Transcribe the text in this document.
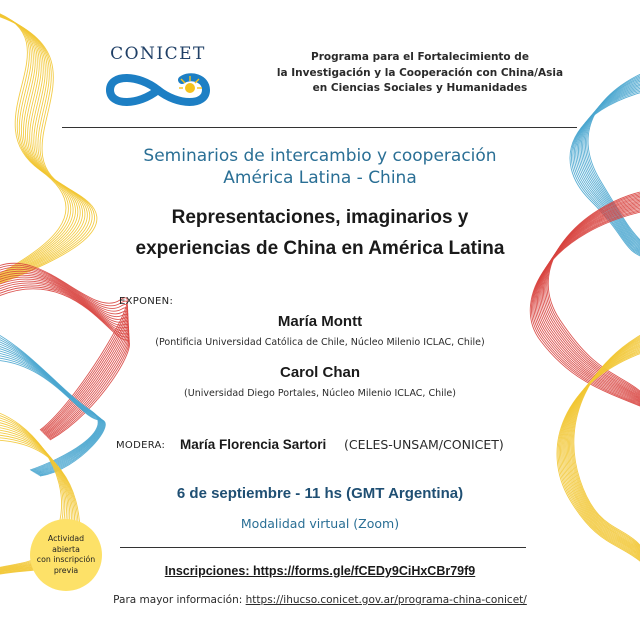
CONICET	Programa para el Fortalecimiento de
la Investigación y la Cooperación con China/Asia
en Ciencias Sociales y Humanidades
Seminarios de intercambio y cooperación
América Latina - China
Representaciones, imaginarios y
experiencias de China en América Latina
EXPONEN:
María Montt
(Pontificia Universidad Católica de Chile, Núcleo Milenio ICLAC, Chile)
Carol Chan
(Universidad Diego Portales, Núcleo Milenio ICLAC, Chile)
MODERA: María Florencia Sartori (CELES-UNSAM/CONICET)
6 de septiembre - 11 hs (GMT Argentina)
Modalidad virtual (Zoom)
Actividad abierta
con inscripción
previa	Inscripciones: https://forms.gle/fCEDy9CiHxCBr79f9
Para mayor información: https://ihucso.conicet.gov.ar/programa-china-conicet/
